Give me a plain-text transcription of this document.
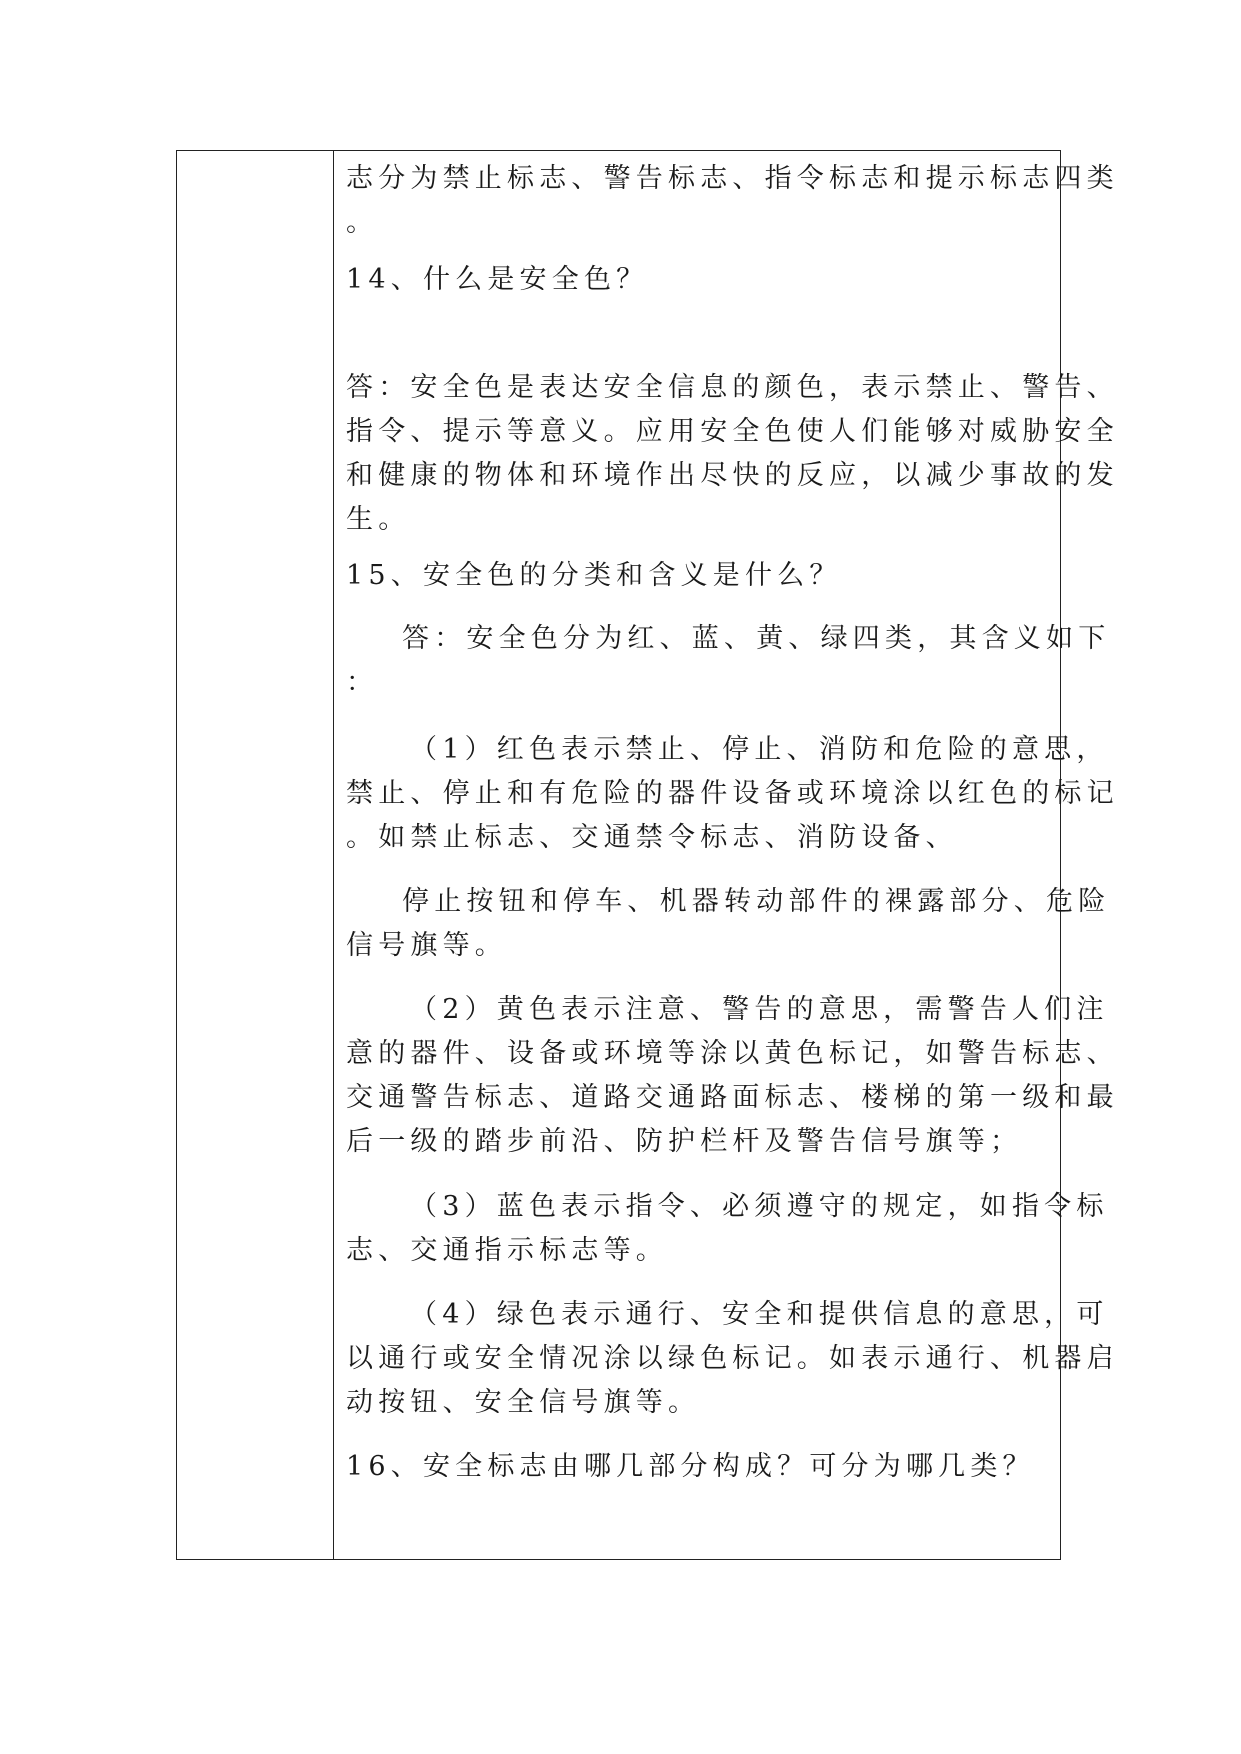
志分为禁止标志、警告标志、指令标志和提示标志四类
。
14、什么是安全色？
答：安全色是表达安全信息的颜色，表示禁止、警告、
指令、提示等意义。应用安全色使人们能够对威胁安全
和健康的物体和环境作出尽快的反应，以减少事故的发
生。
15、安全色的分类和含义是什么？
答：安全色分为红、蓝、黄、绿四类，其含义如下
：
（1）红色表示禁止、停止、消防和危险的意思，
禁止、停止和有危险的器件设备或环境涂以红色的标记
。如禁止标志、交通禁令标志、消防设备、
停止按钮和停车、机器转动部件的裸露部分、危险
信号旗等。
（2）黄色表示注意、警告的意思，需警告人们注
意的器件、设备或环境等涂以黄色标记，如警告标志、
交通警告标志、道路交通路面标志、楼梯的第一级和最
后一级的踏步前沿、防护栏杆及警告信号旗等；
（3）蓝色表示指令、必须遵守的规定，如指令标
志、交通指示标志等。
（4）绿色表示通行、安全和提供信息的意思，可
以通行或安全情况涂以绿色标记。如表示通行、机器启
动按钮、安全信号旗等。
16、安全标志由哪几部分构成？可分为哪几类？
